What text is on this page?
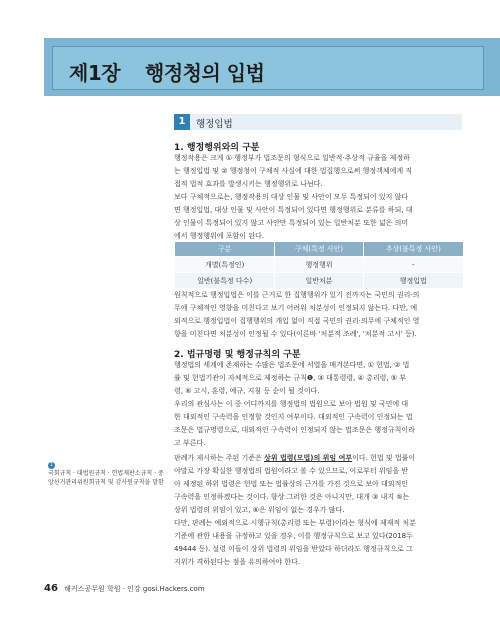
제1장 행정청의 입법
1	행정입법
1. 행정행위와의 구분

행정작용은 크게 ① 행정부가 법조문의 형식으로 일반적·추상적 규율을 제정하

는 행정입법 및 ② 행정청이 구체적 사실에 대한 법집행으로써 행정객체에게 직

접적 법적 효과를 발생시키는 행정행위로 나뉜다.

보다 구체적으로는, 행정작용의 대상 인물 및 사안이 모두 특정되어 있지 않다

면 행정입법, 대상 인물 및 사안이 특정되어 있다면 행정행위로 분류를 하되, 대

상 인물이 특정되어 있지 않고 사안만 특정되어 있는 일반처분 또한 넓은 의미

에서 행정행위에 포함이 된다.

구분	구체(특정 사안)	추상(불특정 사안)
개별(특정인)	행정행위	-
일반(불특정 다수)	일반처분	행정입법

원칙적으로 행정입법은 이를 근거로 한 집행행위가 있기 전까지는 국민의 권리·의

무에 구체적인 영향을 미친다고 보기 어려워 처분성이 인정되지 않는다. 다만, 예

외적으로 행정입법이 집행행위의 개입 없이 직접 국민의 권리·의무에 구체적인 영

향을 미친다면 처분성이 인정될 수 있다(이른바 '처분적 조례', '처분적 고시' 등).

2. 법규명령 및 행정규칙의 구분

행정법의 세계에 존재하는 수많은 법조문에 서열을 매겨본다면, ① 헌법, ② 법

률 및 헌법기관이 자체적으로 제정하는 규칙❶, ③ 대통령령, ④ 총리령, ⑤ 부

령, ⑥ 고시, 훈령, 예규, 지침 등 순이 될 것이다.

우리의 관심사는 이 중 어디까지를 행정법의 법원으로 보아 법원 및 국민에 대

한 대외적인 구속력을 인정할 것인지 여부이다. 대외적인 구속력이 인정되는 법

조문은 법규명령으로, 대외적인 구속력이 인정되지 않는 법조문은 행정규칙이라

고 부른다.

판례가 제시하는 주된 기준은 상위 법령(모법)의 위임 여부이다. 헌법 및 법률이

야말로 가장 확실한 행정법의 법원이라고 볼 수 있으므로, 이로부터 위임을 받

아 제정된 하위 법령은 헌법 또는 법률상의 근거를 가진 것으로 보아 대외적인

구속력을 인정하겠다는 것이다. 향상 그러한 것은 아니지만, 대개 ③ 내지 ⑤는

상위 법령의 위임이 있고, ⑥은 위임이 없는 경우가 많다.

다만, 판례는 예외적으로 시행규칙(총리령 또는 부령)이라는 형식에 제재적 처분

기준에 관한 내용을 규정하고 있을 경우, 이를 행정규칙으로 보고 있다(2018두

49444 등). 설령 이들이 상위 법령의 위임을 받았다 하더라도 행정규칙으로 그

지위가 격하된다는 점을 유의하여야 한다.

1
국회규칙 · 대법원규칙 · 헌법재판소규칙 · 중앙선거관리위원회규칙 및 감사원규칙을 말함
46 해커스공무원 학원 · 인강 gosi.Hackers.com
